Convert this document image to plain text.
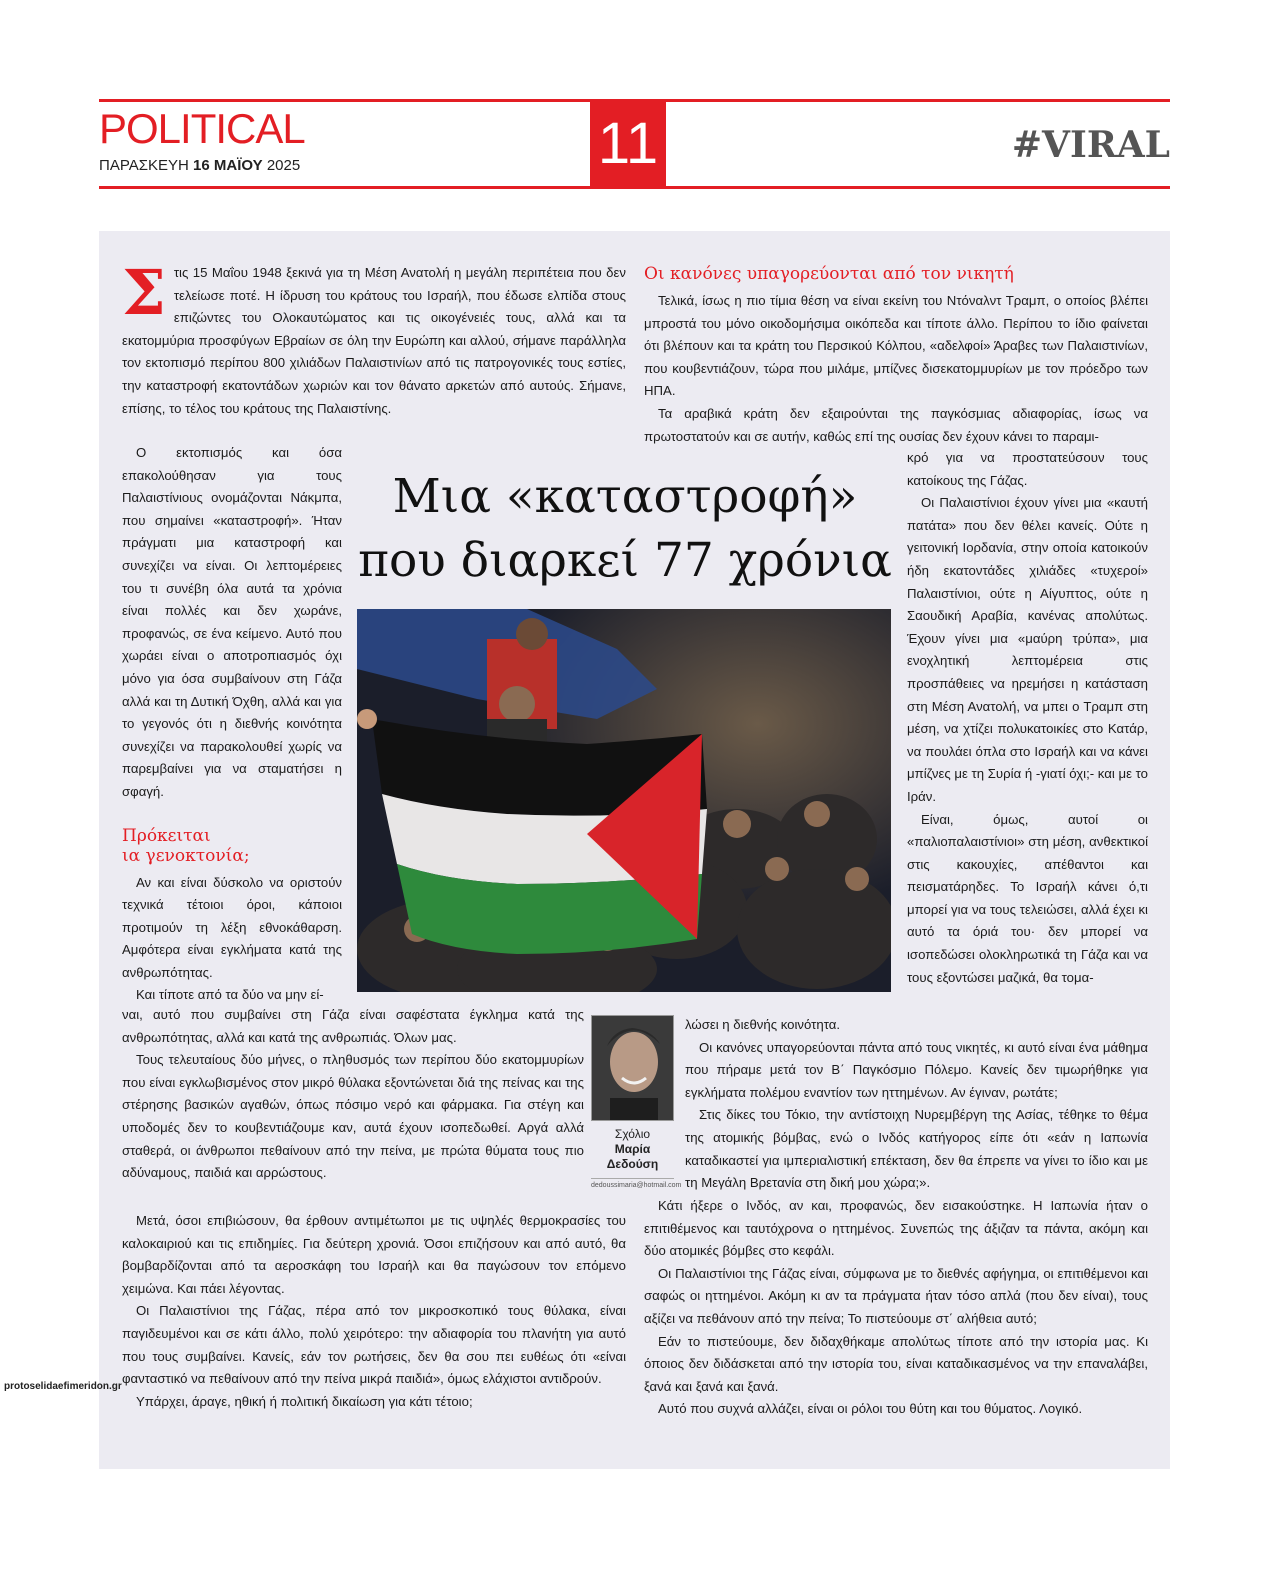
POLITICAL
ΠΑΡΑΣΚΕΥΗ 16 ΜΑΪΟΥ 2025	11	#VIRAL
Σ τις 15 Μαΐου 1948 ξεκινά για τη Μέση Ανατολή η μεγάλη περιπέτεια που δεν τελείωσε ποτέ. Η ίδρυση του κράτους του Ισραήλ, που έδωσε ελπίδα στους επιζώντες του Ολοκαυτώματος και τις οικογένειές τους, αλλά και τα εκατομμύρια προσφύγων Εβραίων σε όλη την Ευρώπη και αλλού, σήμανε παράλληλα τον εκτοπισμό περίπου 800 χιλιάδων Παλαιστινίων από τις πατρογονικές τους εστίες, την καταστροφή εκατοντάδων χωριών και τον θάνατο αρκετών από αυτούς. Σήμανε, επίσης, το τέλος του κράτους της Παλαιστίνης.

Ο εκτοπισμός και όσα επακολούθησαν για τους Παλαιστίνιους ονομάζονται Νάκμπα, που σημαίνει «καταστροφή». Ήταν πράγματι μια καταστροφή και συνεχίζει να είναι. Οι λεπτομέρειες του τι συνέβη όλα αυτά τα χρόνια είναι πολλές και δεν χωράνε, προφανώς, σε ένα κείμενο. Αυτό που χωράει είναι ο αποτροπιασμός όχι μόνο για όσα συμβαίνουν στη Γάζα αλλά και τη Δυτική Όχθη, αλλά και για το γεγονός ότι η διεθνής κοινότητα συνεχίζει να παρακολουθεί χωρίς να παρεμβαίνει για να σταματήσει η σφαγή.

Πρόκειται
ια γενοκτονία;

Αν και είναι δύσκολο να οριστούν τεχνικά τέτοιοι όροι, κάποιοι προτιμούν τη λέξη εθνοκάθαρση. Αμφότερα είναι εγκλήματα κατά της ανθρωπότητας.

Και τίποτε από τα δύο να μην εί-

ναι, αυτό που συμβαίνει στη Γάζα είναι σαφέστατα έγκλημα κατά της ανθρωπότητας, αλλά και κατά της ανθρωπιάς. Όλων μας.

Τους τελευταίους δύο μήνες, ο πληθυσμός των περίπου δύο εκατομμυρίων που είναι εγκλωβισμένος στον μικρό θύλακα εξοντώνεται διά της πείνας και της στέρησης βασικών αγαθών, όπως πόσιμο νερό και φάρμακα. Για στέγη και υποδομές δεν το κουβεντιάζουμε καν, αυτά έχουν ισοπεδωθεί. Αργά αλλά σταθερά, οι άνθρωποι πεθαίνουν από την πείνα, με πρώτα θύματα τους πιο αδύναμους, παιδιά και αρρώστους.

Μετά, όσοι επιβιώσουν, θα έρθουν αντιμέτωποι με τις υψηλές θερμοκρασίες του καλοκαιριού και τις επιδημίες. Για δεύτερη χρονιά. Όσοι επιζήσουν και από αυτό, θα βομβαρδίζονται από τα αεροσκάφη του Ισραήλ και θα παγώσουν τον επόμενο χειμώνα. Και πάει λέγοντας.

Οι Παλαιστίνιοι της Γάζας, πέρα από τον μικροσκοπικό τους θύλακα, είναι παγιδευμένοι και σε κάτι άλλο, πολύ χειρότερο: την αδιαφορία του πλανήτη για αυτό που τους συμβαίνει. Κανείς, εάν τον ρωτήσεις, δεν θα σου πει ευθέως ότι «είναι φανταστικό να πεθαίνουν από την πείνα μικρά παιδιά», όμως ελάχιστοι αντιδρούν.

Υπάρχει, άραγε, ηθική ή πολιτική δικαίωση για κάτι τέτοιο;

Οι κανόνες υπαγορεύονται από τον νικητή

Τελικά, ίσως η πιο τίμια θέση να είναι εκείνη του Ντόναλντ Τραμπ, ο οποίος βλέπει μπροστά του μόνο οικοδομήσιμα οικόπεδα και τίποτε άλλο. Περίπου το ίδιο φαίνεται ότι βλέπουν και τα κράτη του Περσικού Κόλπου, «αδελφοί» Άραβες των Παλαιστινίων, που κουβεντιάζουν, τώρα που μιλάμε, μπίζνες δισεκατομμυρίων με τον πρόεδρο των ΗΠΑ.

Τα αραβικά κράτη δεν εξαιρούνται της παγκόσμιας αδιαφορίας, ίσως να πρωτοστατούν και σε αυτήν, καθώς επί της ουσίας δεν έχουν κάνει το παραμι-

κρό για να προστατεύσουν τους κατοίκους της Γάζας.

Οι Παλαιστίνιοι έχουν γίνει μια «καυτή πατάτα» που δεν θέλει κανείς. Ούτε η γειτονική Ιορδανία, στην οποία κατοικούν ήδη εκατοντάδες χιλιάδες «τυχεροί» Παλαιστίνιοι, ούτε η Αίγυπτος, ούτε η Σαουδική Αραβία, κανένας απολύτως. Έχουν γίνει μια «μαύρη τρύπα», μια ενοχλητική λεπτομέρεια στις προσπάθειες να ηρεμήσει η κατάσταση στη Μέση Ανατολή, να μπει ο Τραμπ στη μέση, να χτίζει πολυκατοικίες στο Κατάρ, να πουλάει όπλα στο Ισραήλ και να κάνει μπίζνες με τη Συρία ή -γιατί όχι;- και με το Ιράν.

Είναι, όμως, αυτοί οι «παλιοπαλαιστίνιοι» στη μέση, ανθεκτικοί στις κακουχίες, απέθαντοι και πεισματάρηδες. Το Ισραήλ κάνει ό,τι μπορεί για να τους τελειώσει, αλλά έχει κι αυτό τα όριά του· δεν μπορεί να ισοπεδώσει ολοκληρωτικά τη Γάζα και να τους εξοντώσει μαζικά, θα τομα-

λώσει η διεθνής κοινότητα.

Οι κανόνες υπαγορεύονται πάντα από τους νικητές, κι αυτό είναι ένα μάθημα που πήραμε μετά τον Β΄ Παγκόσμιο Πόλεμο. Κανείς δεν τιμωρήθηκε για εγκλήματα πολέμου εναντίον των ηττημένων. Αν έγιναν, ρωτάτε;

Στις δίκες του Τόκιο, την αντίστοιχη Νυρεμβέργη της Ασίας, τέθηκε το θέμα της ατομικής βόμβας, ενώ ο Ινδός κατήγορος είπε ότι «εάν η Ιαπωνία καταδικαστεί για ιμπεριαλιστική επέκταση, δεν θα έπρεπε να γίνει το ίδιο και με τη Μεγάλη Βρετανία στη δική μου χώρα;».

Κάτι ήξερε ο Ινδός, αν και, προφανώς, δεν εισακούστηκε. Η Ιαπωνία ήταν ο επιτιθέμενος και ταυτόχρονα ο ηττημένος. Συνεπώς της άξιζαν τα πάντα, ακόμη και δύο ατομικές βόμβες στο κεφάλι.

Οι Παλαιστίνιοι της Γάζας είναι, σύμφωνα με το διεθνές αφήγημα, οι επιτιθέμενοι και σαφώς οι ηττημένοι. Ακόμη κι αν τα πράγματα ήταν τόσο απλά (που δεν είναι), τους αξίζει να πεθάνουν από την πείνα; Το πιστεύουμε στ΄ αλήθεια αυτό;

Εάν το πιστεύουμε, δεν διδαχθήκαμε απολύτως τίποτε από την ιστορία μας. Κι όποιος δεν διδάσκεται από την ιστορία του, είναι καταδικασμένος να την επαναλάβει, ξανά και ξανά και ξανά.

Αυτό που συχνά αλλάζει, είναι οι ρόλοι του θύτη και του θύματος. Λογικό.

Μια «καταστροφή»
που διαρκεί 77 χρόνια
Σχόλιο
Μαρία
Δεδούση
dedoussimaria@hotmail.com
protoselidaefimeridon.gr
